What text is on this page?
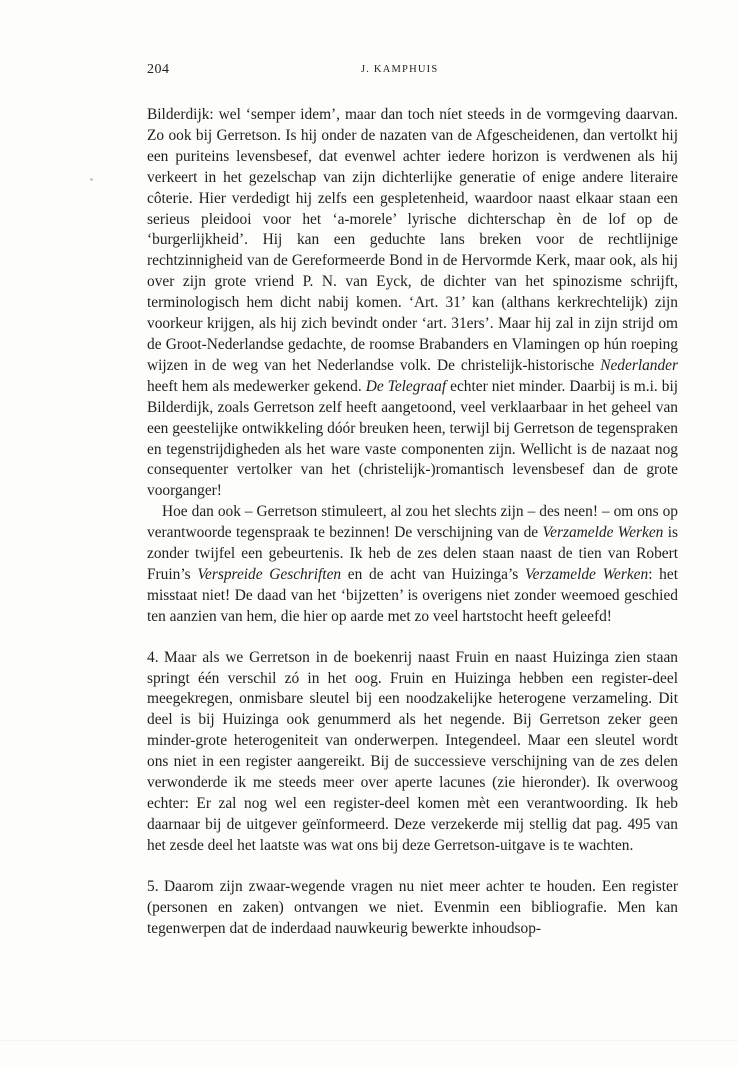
204	J. KAMPHUIS

Bilderdijk: wel ‘semper idem’, maar dan toch níet steeds in de vormgeving daarvan. Zo ook bij Gerretson. Is hij onder de nazaten van de Afgescheidenen, dan vertolkt hij een puriteins levensbesef, dat evenwel achter iedere horizon is verdwenen als hij verkeert in het gezelschap van zijn dichterlijke generatie of enige andere literaire côterie. Hier verdedigt hij zelfs een gespletenheid, waardoor naast elkaar staan een serieus pleidooi voor het ‘a-morele’ lyrische dichterschap èn de lof op de ‘burgerlijkheid’. Hij kan een geduchte lans breken voor de rechtlijnige rechtzinnigheid van de Gereformeerde Bond in de Hervormde Kerk, maar ook, als hij over zijn grote vriend P. N. van Eyck, de dichter van het spinozisme schrijft, terminologisch hem dicht nabij komen. ‘Art. 31’ kan (althans kerkrechtelijk) zijn voorkeur krijgen, als hij zich bevindt onder ‘art. 31ers’. Maar hij zal in zijn strijd om de Groot-Nederlandse gedachte, de roomse Brabanders en Vlamingen op hún roeping wijzen in de weg van het Nederlandse volk. De christelijk-historische Nederlander heeft hem als medewerker gekend. De Telegraaf echter niet minder. Daarbij is m.i. bij Bilderdijk, zoals Gerretson zelf heeft aangetoond, veel verklaarbaar in het geheel van een geestelijke ontwikkeling dóór breuken heen, terwijl bij Gerretson de tegenspraken en tegenstrijdigheden als het ware vaste componenten zijn. Wellicht is de nazaat nog consequenter vertolker van het (christelijk-)romantisch levensbesef dan de grote voorganger!

Hoe dan ook – Gerretson stimuleert, al zou het slechts zijn – des neen! – om ons op verantwoorde tegenspraak te bezinnen! De verschijning van de Verzamelde Werken is zonder twijfel een gebeurtenis. Ik heb de zes delen staan naast de tien van Robert Fruin’s Verspreide Geschriften en de acht van Huizinga’s Verzamelde Werken: het misstaat niet! De daad van het ‘bijzetten’ is overigens niet zonder weemoed geschied ten aanzien van hem, die hier op aarde met zo veel hartstocht heeft geleefd!

4. Maar als we Gerretson in de boekenrij naast Fruin en naast Huizinga zien staan springt één verschil zó in het oog. Fruin en Huizinga hebben een register-deel meegekregen, onmisbare sleutel bij een noodzakelijke heterogene verzameling. Dit deel is bij Huizinga ook genummerd als het negende. Bij Gerretson zeker geen minder-grote heterogeniteit van onderwerpen. Integendeel. Maar een sleutel wordt ons niet in een register aangereikt. Bij de successieve verschijning van de zes delen verwonderde ik me steeds meer over aperte lacunes (zie hieronder). Ik overwoog echter: Er zal nog wel een register-deel komen mèt een verantwoording. Ik heb daarnaar bij de uitgever geïnformeerd. Deze verzekerde mij stellig dat pag. 495 van het zesde deel het laatste was wat ons bij deze Gerretson-uitgave is te wachten.

5. Daarom zijn zwaar-wegende vragen nu niet meer achter te houden. Een register (personen en zaken) ontvangen we niet. Evenmin een bibliografie. Men kan tegenwerpen dat de inderdaad nauwkeurig bewerkte inhoudsop-
